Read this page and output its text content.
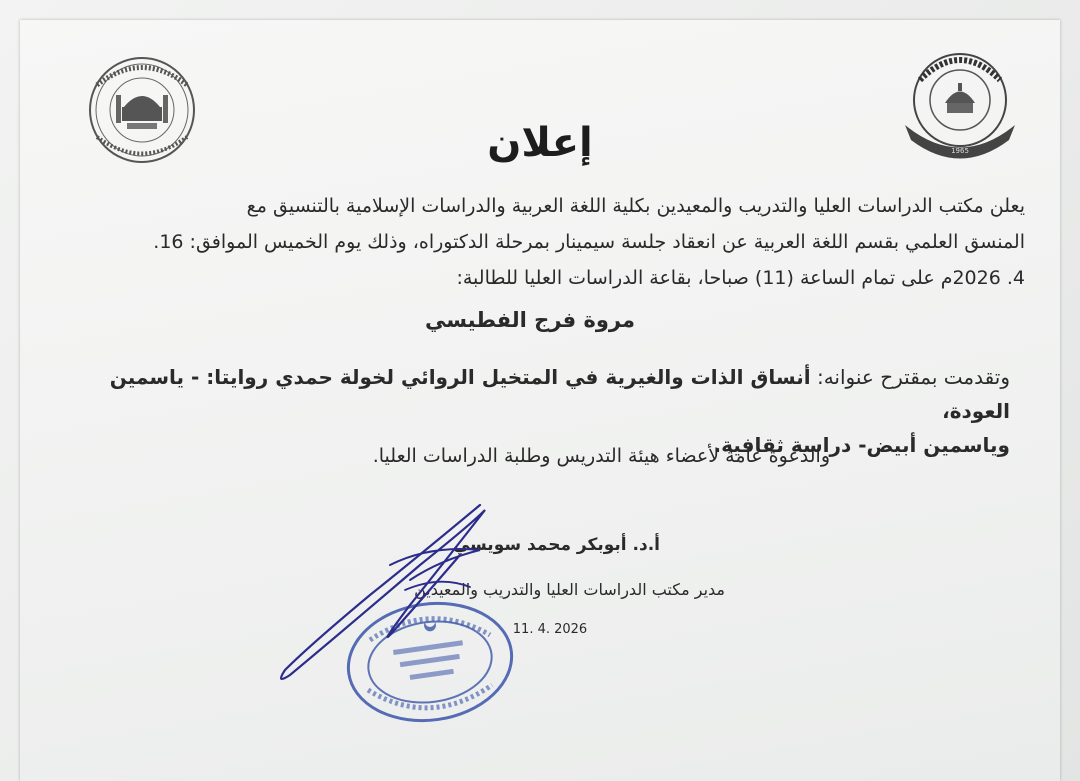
1965
إعلان
يعلن مكتب الدراسات العليا والتدريب والمعيدين بكلية اللغة العربية والدراسات الإسلامية بالتنسيق مع
المنسق العلمي بقسم اللغة العربية عن انعقاد جلسة سيمينار بمرحلة الدكتوراه، وذلك يوم الخميس الموافق: 16.
4. 2026م على تمام الساعة (11) صباحا، بقاعة الدراسات العليا للطالبة:
مروة فرج الفطيسي
وتقدمت بمقترح عنوانه: أنساق الذات والغيرية في المتخيل الروائي لخولة حمدي روايتا: - ياسمين العودة،
وياسمين أبيض- دراسة ثقافية.
والدعوة عامة لأعضاء هيئة التدريس وطلبة الدراسات العليا.
أ.د. أبوبكر محمد سويسي
مدير مكتب الدراسات العليا والتدريب والمعيدين
11. 4. 2026
